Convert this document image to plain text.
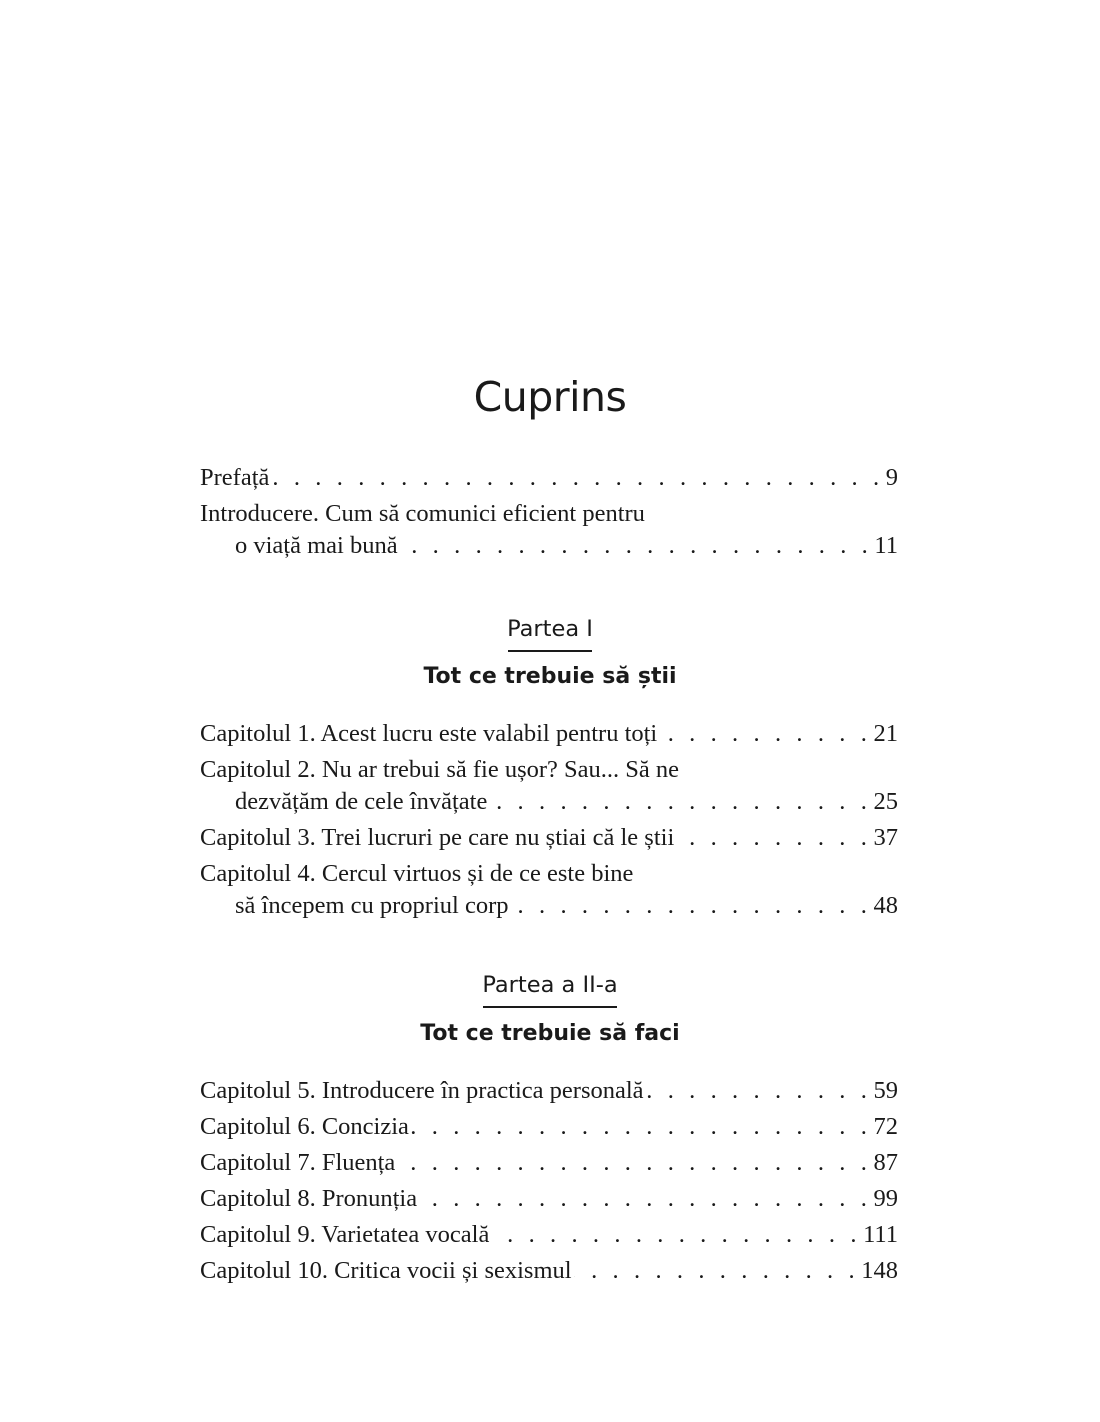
Cuprins
Prefață . . .	9
Introducere. Cum să comunici eficient pentru
o viață mai bună . . .	11
Partea I
Tot ce trebuie să știi
Capitolul 1. Acest lucru este valabil pentru toți . . .	21
Capitolul 2. Nu ar trebui să fie ușor? Sau... Să ne
dezvățăm de cele învățate . . .	25
Capitolul 3. Trei lucruri pe care nu știai că le știi . . .	37
Capitolul 4. Cercul virtuos și de ce este bine
să începem cu propriul corp . . .	48
Partea a II-a
Tot ce trebuie să faci
Capitolul 5. Introducere în practica personală . . .	59
Capitolul 6. Concizia . . .	72
Capitolul 7. Fluența . . .	87
Capitolul 8. Pronunția . . .	99
Capitolul 9. Varietatea vocală . . .	111
Capitolul 10. Critica vocii și sexismul . . .	148
